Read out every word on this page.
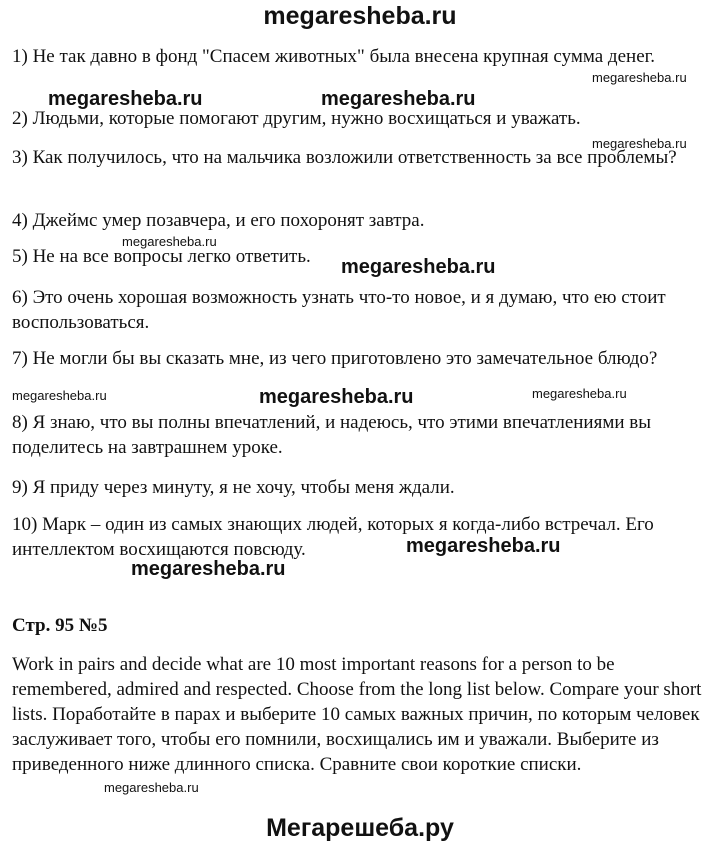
megaresheba.ru
1) Не так давно в фонд "Спасем животных" была внесена крупная сумма денег.
megaresheba.ru
megaresheba.ru	megaresheba.ru
2) Людьми, которые помогают другим, нужно восхищаться и уважать.
megaresheba.ru
3) Как получилось, что на мальчика возложили ответственность за все проблемы?
4) Джеймс умер позавчера, и его похоронят завтра.
megaresheba.ru
5) Не на все вопросы легко ответить.	megaresheba.ru
6) Это очень хорошая возможность узнать что-то новое, и я думаю, что ею стоит воспользоваться.
7) Не могли бы вы сказать мне, из чего приготовлено это замечательное блюдо?
megaresheba.ru	megaresheba.ru	megaresheba.ru
8) Я знаю, что вы полны впечатлений, и надеюсь, что этими впечатлениями вы поделитесь на завтрашнем уроке.
9) Я приду через минуту, я не хочу, чтобы меня ждали.
10) Марк – один из самых знающих людей, которых я когда-либо встречал. Его интеллектом восхищаются повсюду.	megaresheba.ru
megaresheba.ru
Стр. 95 №5
Work in pairs and decide what are 10 most important reasons for a person to be remembered, admired and respected. Choose from the long list below. Compare your short lists. Поработайте в парах и выберите 10 самых важных причин, по которым человек заслуживает того, чтобы его помнили, восхищались им и уважали. Выберите из приведенного ниже длинного списка. Сравните свои короткие списки.
megaresheba.ru
Мегарешеба.ру
